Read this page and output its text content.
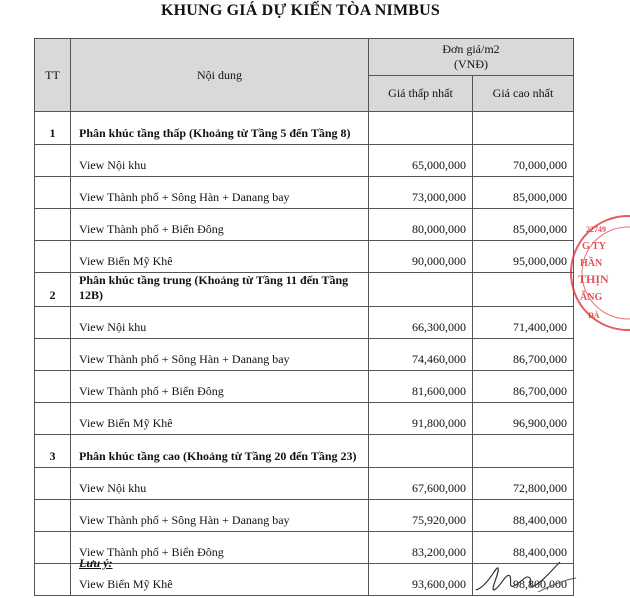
KHUNG GIÁ DỰ KIẾN TÒA NIMBUS
TT	Nội dung	Đơn giá/m2
(VNĐ)	

		Giá thấp nhất	Giá cao nhất
1	Phân khúc tầng thấp (Khoảng từ Tầng 5 đến Tầng 8)		
	View Nội khu	65,000,000	70,000,000
	View Thành phố + Sông Hàn + Danang bay	73,000,000	85,000,000
	View Thành phố + Biển Đông	80,000,000	85,000,000
	View Biển Mỹ Khê	90,000,000	95,000,000
2	Phân khúc tầng trung (Khoảng từ Tầng 11 đến Tầng 12B)		
	View Nội khu	66,300,000	71,400,000
	View Thành phố + Sông Hàn + Danang bay	74,460,000	86,700,000
	View Thành phố + Biển Đông	81,600,000	86,700,000
	View Biển Mỹ Khê	91,800,000	96,900,000
3	Phân khúc tầng cao (Khoảng từ Tầng 20 đến Tầng 23)		
	View Nội khu	67,600,000	72,800,000
	View Thành phố + Sông Hàn + Danang bay	75,920,000	88,400,000
	View Thành phố + Biển Đông	83,200,000	88,400,000
	View Biển Mỹ Khê	93,600,000	98,800,000
Lưu ý:
22749
G TY
HẦN
THỊN
ẴNG
ĐÀ
